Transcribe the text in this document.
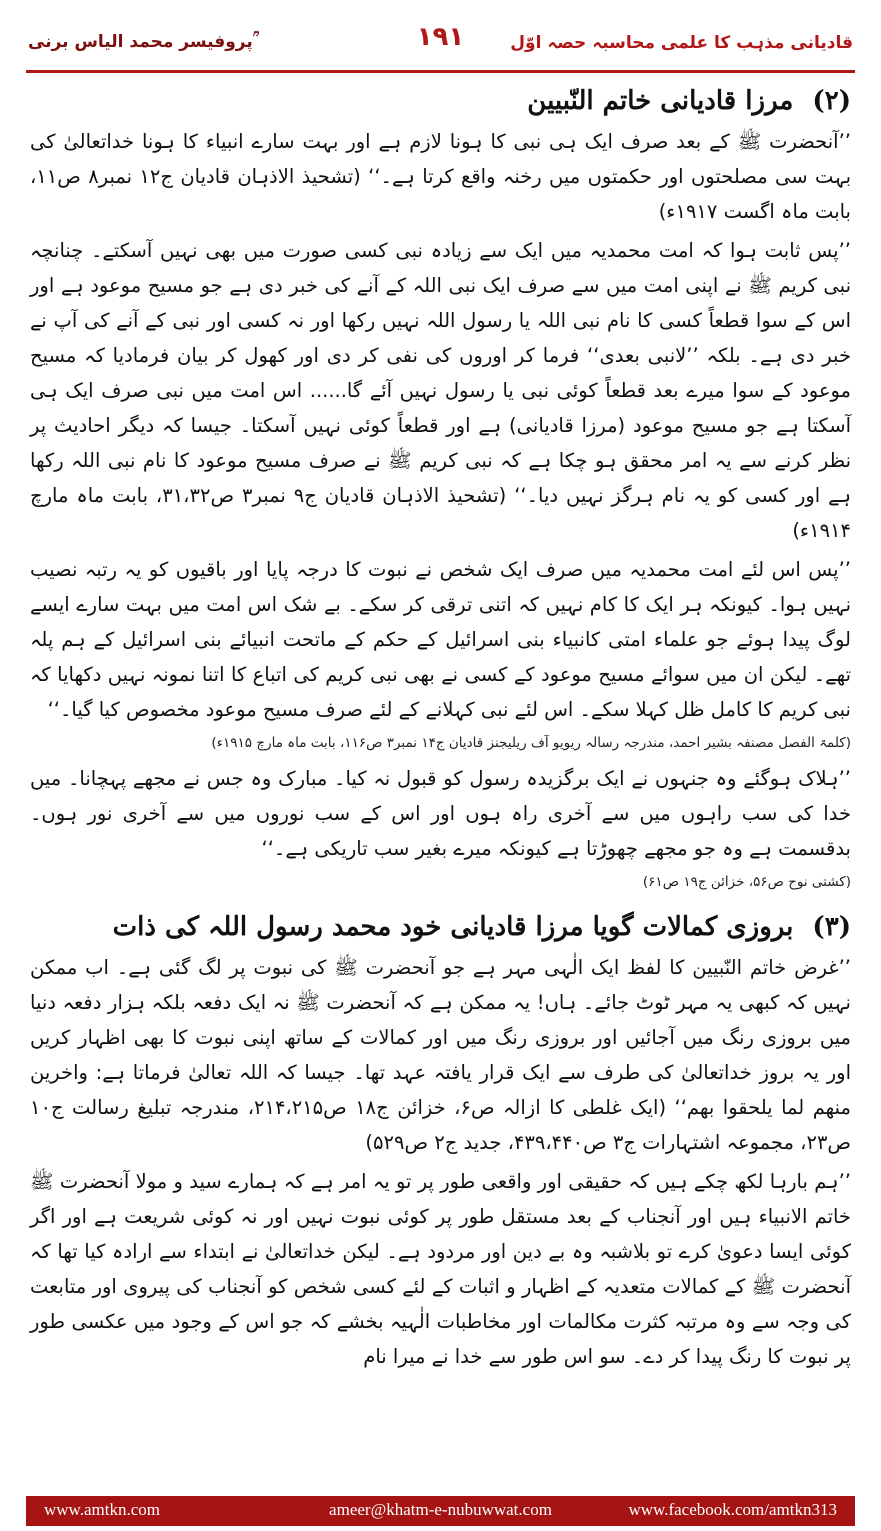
پروفیسر محمد الیاس برنی ؒ	۱۹۱	قادیانی مذہب کا علمی محاسبہ حصہ اوّل
(۲) مرزا قادیانی خاتم النّبیین

’’آنحضرت ﷺ کے بعد صرف ایک ہی نبی کا ہونا لازم ہے اور بہت سارے انبیاء کا ہونا خداتعالیٰ کی بہت سی مصلحتوں اور حکمتوں میں رخنہ واقع کرتا ہے۔‘‘ (تشحیذ الاذہان قادیان ج۱۲ نمبر۸ ص۱۱، بابت ماہ اگست ۱۹۱۷ء)

’’پس ثابت ہوا کہ امت محمدیہ میں ایک سے زیادہ نبی کسی صورت میں بھی نہیں آسکتے۔ چنانچہ نبی کریم ﷺ نے اپنی امت میں سے صرف ایک نبی اللہ کے آنے کی خبر دی ہے جو مسیح موعود ہے اور اس کے سوا قطعاً کسی کا نام نبی اللہ یا رسول اللہ نہیں رکھا اور نہ کسی اور نبی کے آنے کی آپ نے خبر دی ہے۔ بلکہ ’’لانبی بعدی‘‘ فرما کر اوروں کی نفی کر دی اور کھول کر بیان فرمادیا کہ مسیح موعود کے سوا میرے بعد قطعاً کوئی نبی یا رسول نہیں آئے گا...... اس امت میں نبی صرف ایک ہی آسکتا ہے جو مسیح موعود (مرزا قادیانی) ہے اور قطعاً کوئی نہیں آسکتا۔ جیسا کہ دیگر احادیث پر نظر کرنے سے یہ امر محقق ہو چکا ہے کہ نبی کریم ﷺ نے صرف مسیح موعود کا نام نبی اللہ رکھا ہے اور کسی کو یہ نام ہرگز نہیں دیا۔‘‘ (تشحیذ الاذہان قادیان ج۹ نمبر۳ ص۳۱،۳۲، بابت ماہ مارچ ۱۹۱۴ء)

’’پس اس لئے امت محمدیہ میں صرف ایک شخص نے نبوت کا درجہ پایا اور باقیوں کو یہ رتبہ نصیب نہیں ہوا۔ کیونکہ ہر ایک کا کام نہیں کہ اتنی ترقی کر سکے۔ بے شک اس امت میں بہت سارے ایسے لوگ پیدا ہوئے جو علماء امتی کانبیاء بنی اسرائیل کے حکم کے ماتحت انبیائے بنی اسرائیل کے ہم پلہ تھے۔ لیکن ان میں سوائے مسیح موعود کے کسی نے بھی نبی کریم کی اتباع کا اتنا نمونہ نہیں دکھایا کہ نبی کریم کا کامل ظل کہلا سکے۔ اس لئے نبی کہلانے کے لئے صرف مسیح موعود مخصوص کیا گیا۔‘‘

(کلمۃ الفصل مصنفہ بشیر احمد، مندرجہ رسالہ ریویو آف ریلیجنز قادیان ج۱۴ نمبر۳ ص۱۱۶، بابت ماہ مارچ ۱۹۱۵ء)

’’ہلاک ہوگئے وہ جنہوں نے ایک برگزیدہ رسول کو قبول نہ کیا۔ مبارک وہ جس نے مجھے پہچانا۔ میں خدا کی سب راہوں میں سے آخری راہ ہوں اور اس کے سب نوروں میں سے آخری نور ہوں۔ بدقسمت ہے وہ جو مجھے چھوڑتا ہے کیونکہ میرے بغیر سب تاریکی ہے۔‘‘

(کشتی نوح ص۵۶، خزائن ج۱۹ ص۶۱)
(۳) بروزی کمالات گویا مرزا قادیانی خود محمد رسول اللہ کی ذات

’’غرض خاتم النّبیین کا لفظ ایک الٰہی مہر ہے جو آنحضرت ﷺ کی نبوت پر لگ گئی ہے۔ اب ممکن نہیں کہ کبھی یہ مہر ٹوٹ جائے۔ ہاں! یہ ممکن ہے کہ آنحضرت ﷺ نہ ایک دفعہ بلکہ ہزار دفعہ دنیا میں بروزی رنگ میں آجائیں اور بروزی رنگ میں اور کمالات کے ساتھ اپنی نبوت کا بھی اظہار کریں اور یہ بروز خداتعالیٰ کی طرف سے ایک قرار یافتہ عہد تھا۔ جیسا کہ اللہ تعالیٰ فرماتا ہے: واخرین منھم لما یلحقوا بھم‘‘ (ایک غلطی کا ازالہ ص۶، خزائن ج۱۸ ص۲۱۴،۲۱۵، مندرجہ تبلیغ رسالت ج۱۰ ص۲۳، مجموعہ اشتہارات ج۳ ص۴۳۹،۴۴۰، جدید ج۲ ص۵۲۹)

’’ہم بارہا لکھ چکے ہیں کہ حقیقی اور واقعی طور پر تو یہ امر ہے کہ ہمارے سید و مولا آنحضرت ﷺ خاتم الانبیاء ہیں اور آنجناب کے بعد مستقل طور پر کوئی نبوت نہیں اور نہ کوئی شریعت ہے اور اگر کوئی ایسا دعویٰ کرے تو بلاشبہ وہ بے دین اور مردود ہے۔ لیکن خداتعالیٰ نے ابتداء سے ارادہ کیا تھا کہ آنحضرت ﷺ کے کمالات متعدیہ کے اظہار و اثبات کے لئے کسی شخص کو آنجناب کی پیروی اور متابعت کی وجہ سے وہ مرتبہ کثرت مکالمات اور مخاطبات الٰہیہ بخشے کہ جو اس کے وجود میں عکسی طور پر نبوت کا رنگ پیدا کر دے۔ سو اس طور سے خدا نے میرا نام

www.amtkn.com	ameer@khatm-e-nubuwwat.com	www.facebook.com/amtkn313
